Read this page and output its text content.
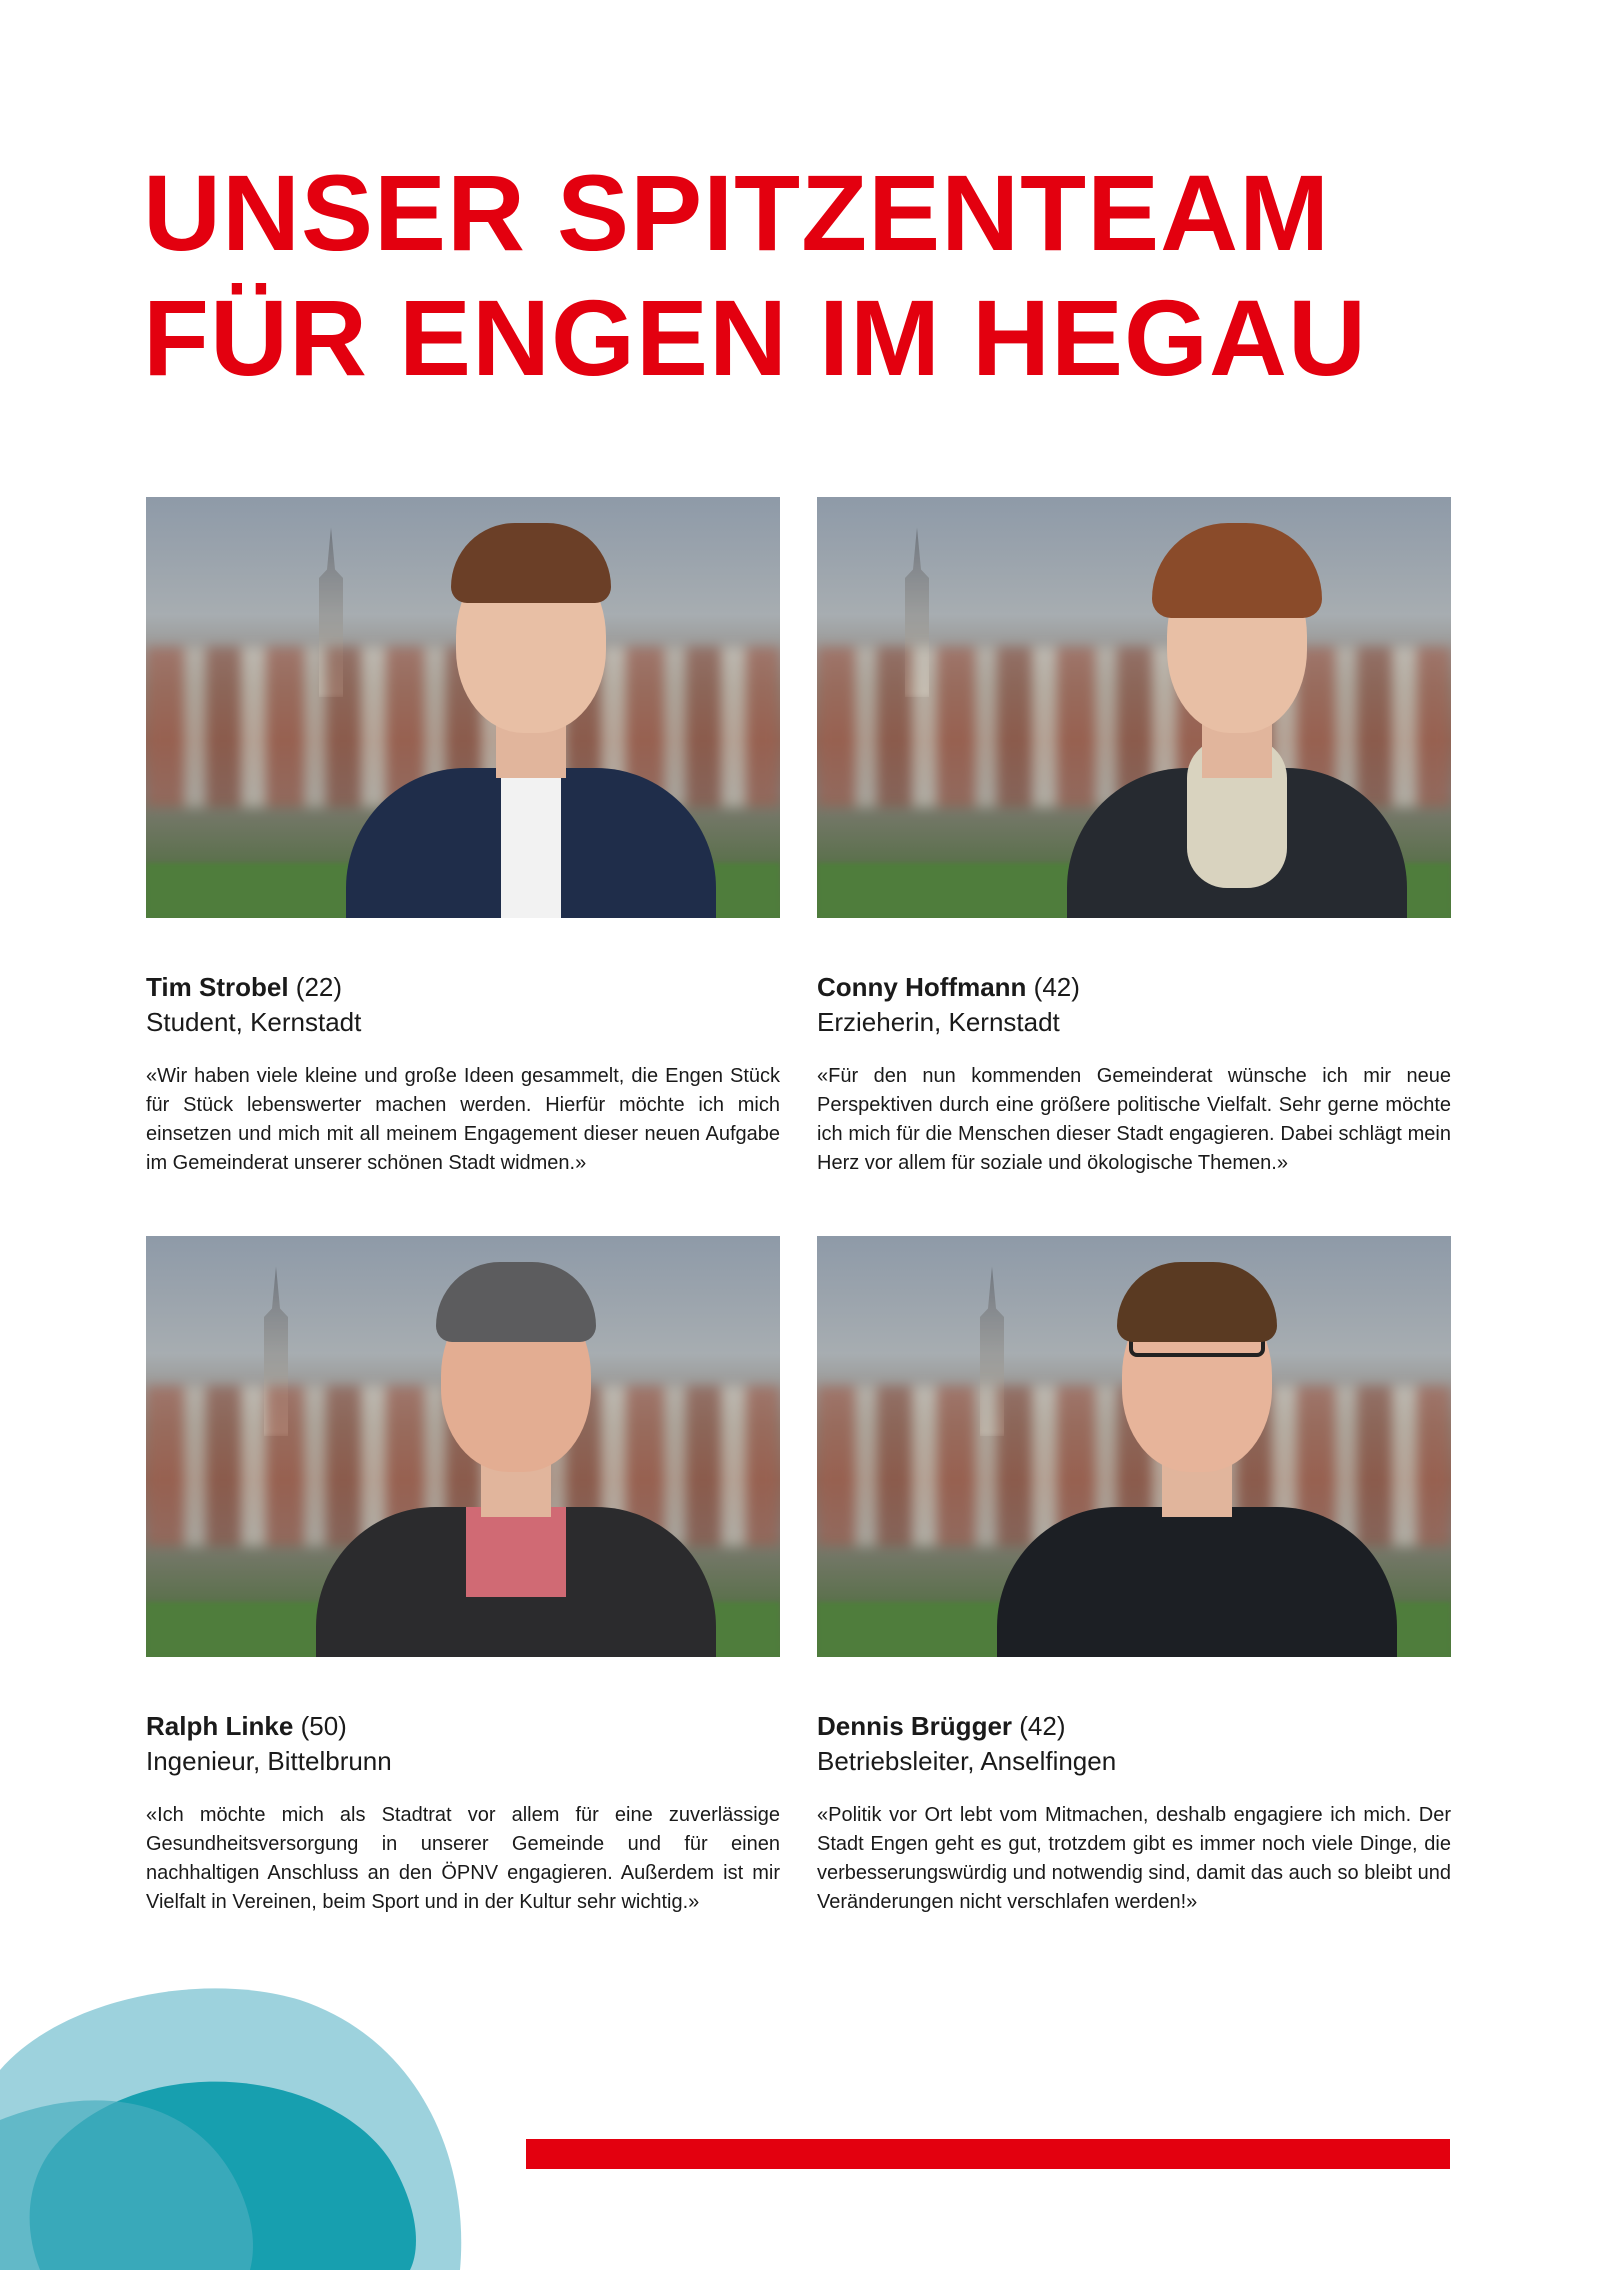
UNSER SPITZENTEAM
FÜR ENGEN IM HEGAU
Tim Strobel (22)
Student, Kernstadt
«Wir haben viele kleine und große Ideen gesammelt, die Engen Stück für Stück lebenswerter machen werden. Hierfür möchte ich mich einsetzen und mich mit all meinem Engagement dieser neuen Aufgabe im Gemeinderat unserer schönen Stadt widmen.»
Conny Hoffmann (42)
Erzieherin, Kernstadt
«Für den nun kommenden Gemeinderat wünsche ich mir neue Perspektiven durch eine größere politische Vielfalt. Sehr gerne möchte ich mich für die Menschen dieser Stadt engagieren. Dabei schlägt mein Herz vor allem für soziale und ökologische Themen.»
Ralph Linke (50)
Ingenieur, Bittelbrunn
«Ich möchte mich als Stadtrat vor allem für eine zuverlässige Gesundheitsversorgung in unserer Gemeinde und für einen nachhaltigen Anschluss an den ÖPNV engagieren. Außerdem ist mir Vielfalt in Vereinen, beim Sport und in der Kultur sehr wichtig.»
Dennis Brügger (42)
Betriebsleiter, Anselfingen
«Politik vor Ort lebt vom Mitmachen, deshalb engagiere ich mich. Der Stadt Engen geht es gut, trotzdem gibt es immer noch viele Dinge, die verbesserungswürdig und notwendig sind, damit das auch so bleibt und Veränderungen nicht verschlafen werden!»
